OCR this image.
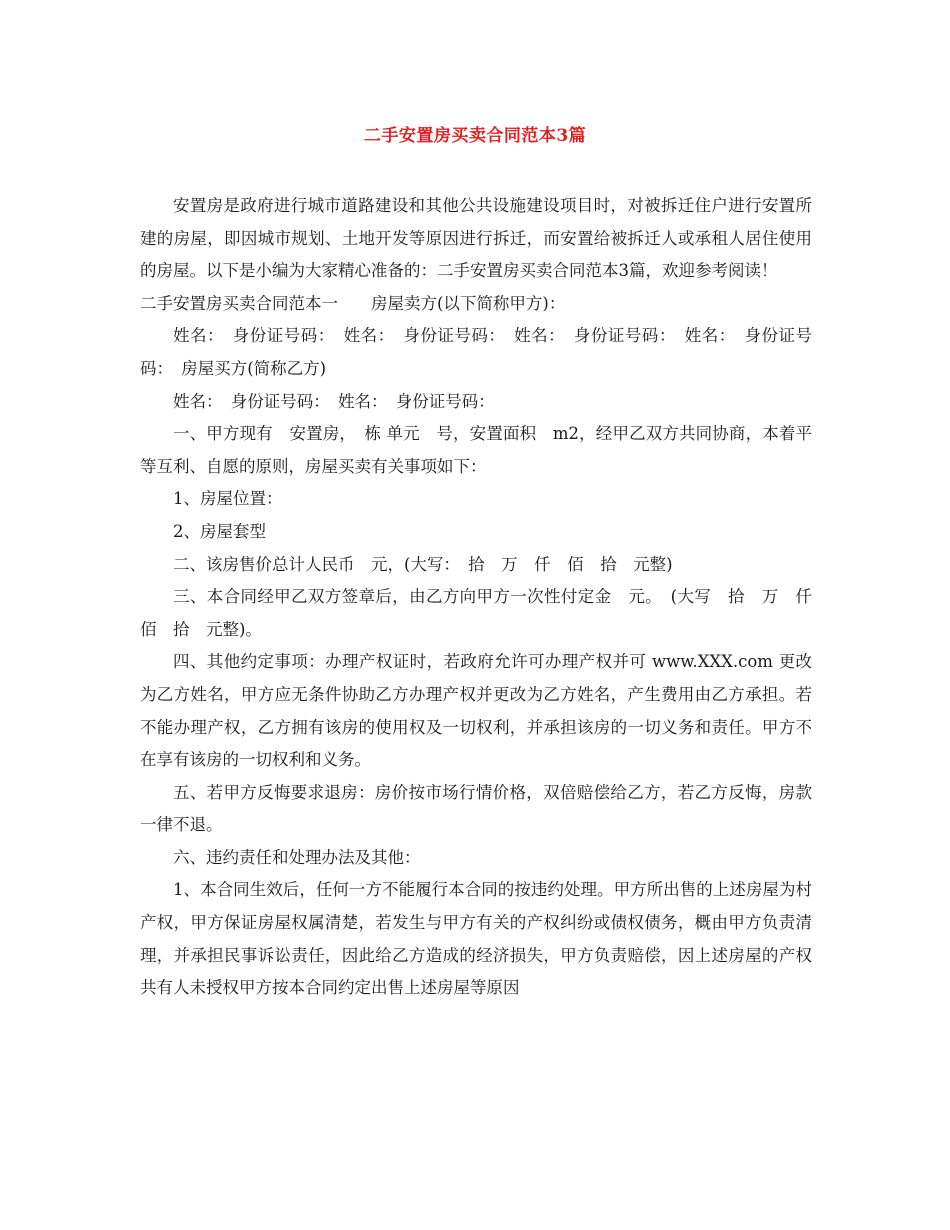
二手安置房买卖合同范本3篇

安置房是政府进行城市道路建设和其他公共设施建设项目时，对被拆迁住户进行安置所建的房屋，即因城市规划、土地开发等原因进行拆迁，而安置给被拆迁人或承租人居住使用的房屋。以下是小编为大家精心准备的：二手安置房买卖合同范本3篇，欢迎参考阅读！

二手安置房买卖合同范本一　　房屋卖方(以下简称甲方)：

姓名：　身份证号码：　姓名：　身份证号码：　姓名：　身份证号码：　姓名：　身份证号码：　房屋买方(简称乙方)

姓名：　身份证号码：　姓名：　身份证号码：

一、甲方现有　安置房，　栋 单元　号，安置面积　m2，经甲乙双方共同协商，本着平等互利、自愿的原则，房屋买卖有关事项如下：

1、房屋位置：

2、房屋套型

二、该房售价总计人民币　元，(大写：　拾　万　仟　佰　拾　元整)

三、本合同经甲乙双方签章后，由乙方向甲方一次性付定金　元。　(大写　拾　万　仟　佰　拾　元整)。

四、其他约定事项：办理产权证时，若政府允许可办理产权并可 www.XXX.com 更改为乙方姓名，甲方应无条件协助乙方办理产权并更改为乙方姓名，产生费用由乙方承担。若不能办理产权，乙方拥有该房的使用权及一切权利，并承担该房的一切义务和责任。甲方不在享有该房的一切权利和义务。

五、若甲方反悔要求退房：房价按市场行情价格，双倍赔偿给乙方，若乙方反悔，房款一律不退。

六、违约责任和处理办法及其他：

1、本合同生效后，任何一方不能履行本合同的按违约处理。甲方所出售的上述房屋为村产权，甲方保证房屋权属清楚，若发生与甲方有关的产权纠纷或债权债务，概由甲方负责清理，并承担民事诉讼责任，因此给乙方造成的经济损失，甲方负责赔偿，因上述房屋的产权共有人未授权甲方按本合同约定出售上述房屋等原因
